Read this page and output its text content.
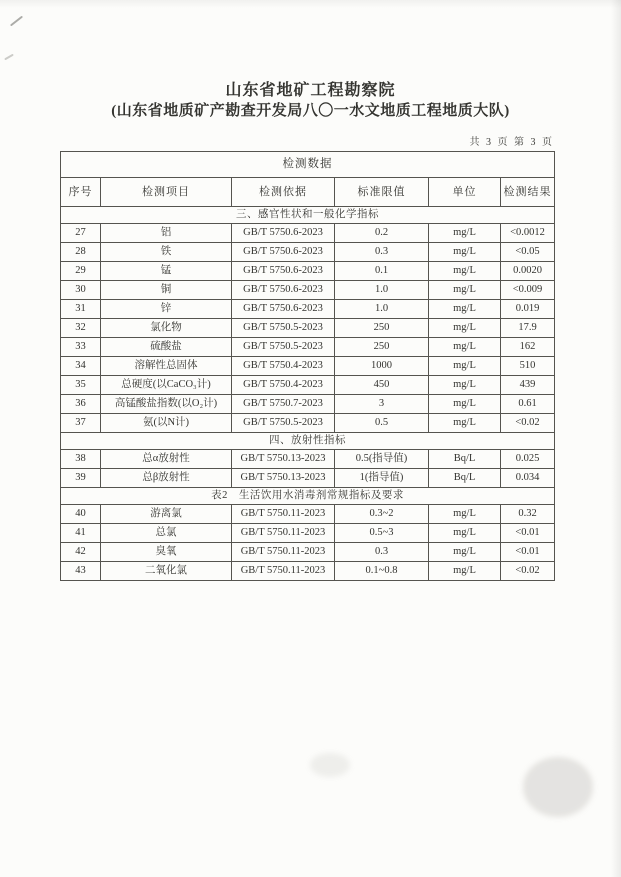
山东省地矿工程勘察院
(山东省地质矿产勘查开发局八〇一水文地质工程地质大队)
共 3 页 第 3 页
检测数据					
序号	检测项目	检测依据	标准限值	单位	检测结果
三、感官性状和一般化学指标					
27	铝	GB/T 5750.6-2023	0.2	mg/L	<0.0012
28	铁	GB/T 5750.6-2023	0.3	mg/L	<0.05
29	锰	GB/T 5750.6-2023	0.1	mg/L	0.0020
30	铜	GB/T 5750.6-2023	1.0	mg/L	<0.009
31	锌	GB/T 5750.6-2023	1.0	mg/L	0.019
32	氯化物	GB/T 5750.5-2023	250	mg/L	17.9
33	硫酸盐	GB/T 5750.5-2023	250	mg/L	162
34	溶解性总固体	GB/T 5750.4-2023	1000	mg/L	510
35	总硬度(以CaCO₃计)	GB/T 5750.4-2023	450	mg/L	439
36	高锰酸盐指数(以O₂计)	GB/T 5750.7-2023	3	mg/L	0.61
37	氨(以N计)	GB/T 5750.5-2023	0.5	mg/L	<0.02
四、放射性指标					
38	总α放射性	GB/T 5750.13-2023	0.5(指导值)	Bq/L	0.025
39	总β放射性	GB/T 5750.13-2023	1(指导值)	Bq/L	0.034
表2　生活饮用水消毒剂常规指标及要求					
40	游离氯	GB/T 5750.11-2023	0.3~2	mg/L	0.32
41	总氯	GB/T 5750.11-2023	0.5~3	mg/L	<0.01
42	臭氧	GB/T 5750.11-2023	0.3	mg/L	<0.01
43	二氧化氯	GB/T 5750.11-2023	0.1~0.8	mg/L	<0.02
